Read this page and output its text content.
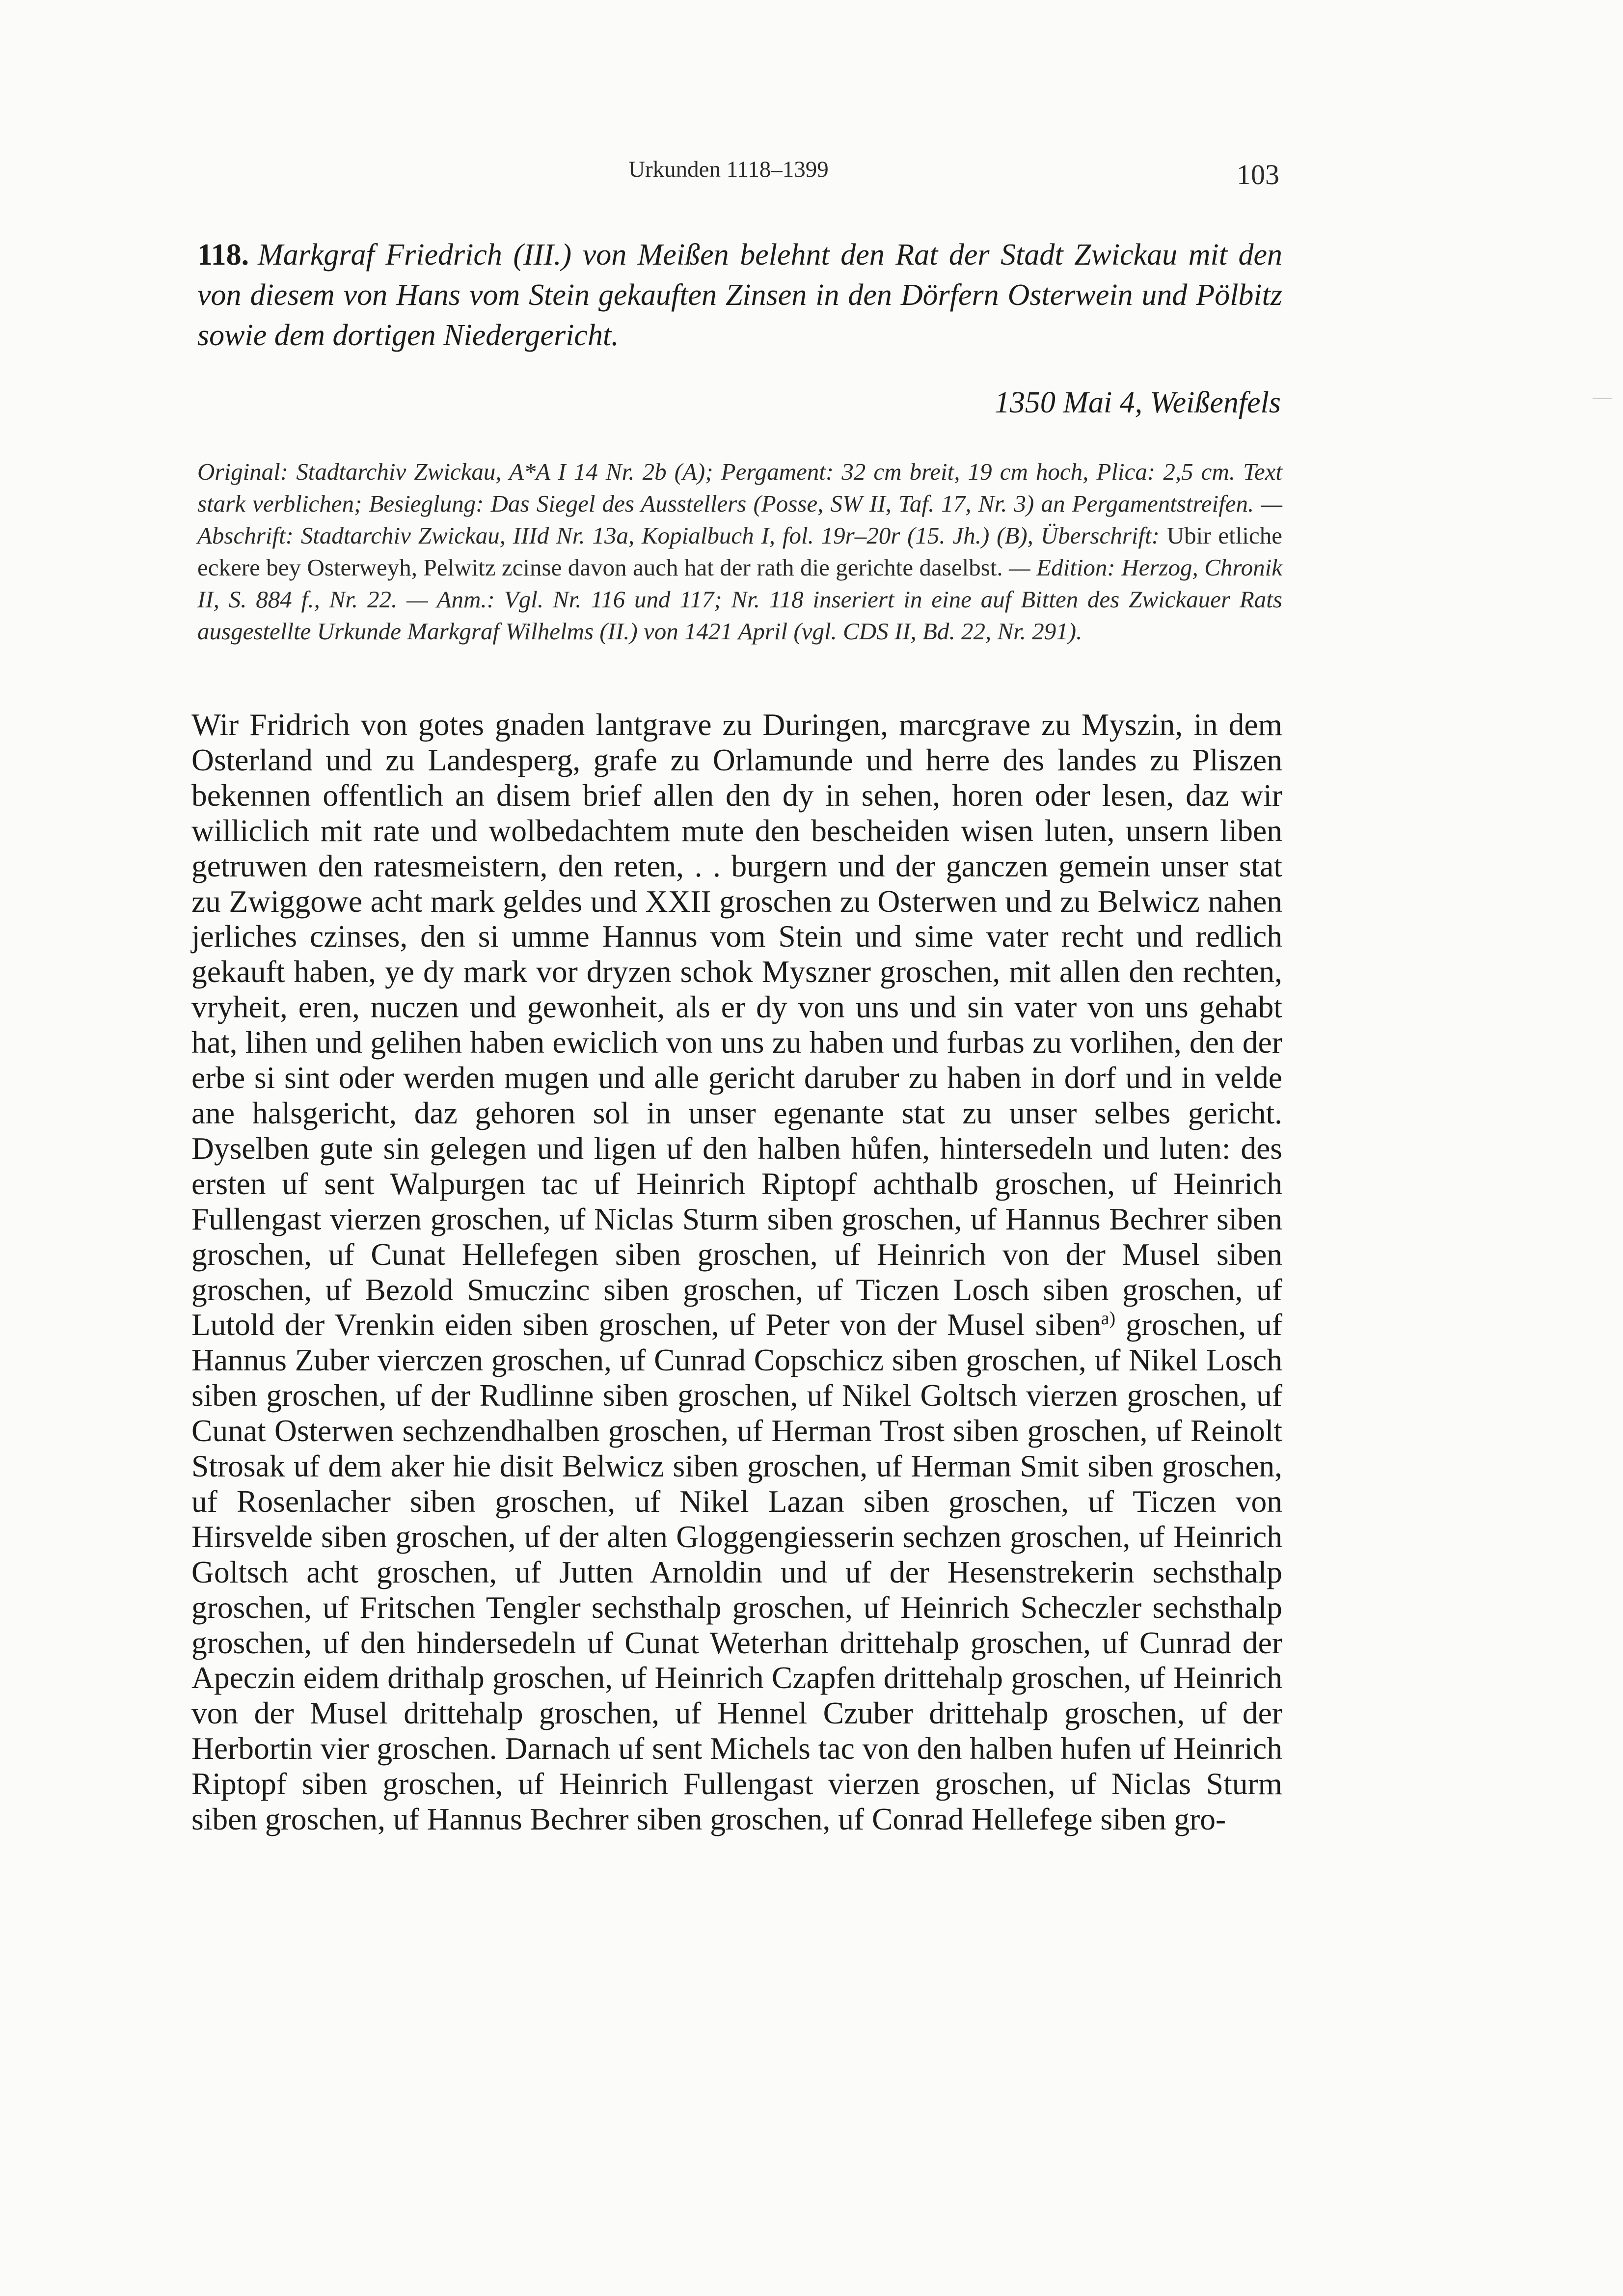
Urkunden 1118–1399	103
118. Markgraf Friedrich (III.) von Meißen belehnt den Rat der Stadt Zwickau mit den von diesem von Hans vom Stein gekauften Zinsen in den Dörfern Osterwein und Pölbitz sowie dem dortigen Niedergericht.
1350 Mai 4, Weißenfels
Original: Stadtarchiv Zwickau, A*A I 14 Nr. 2b (A); Pergament: 32 cm breit, 19 cm hoch, Plica: 2,5 cm. Text stark verblichen; Besieglung: Das Siegel des Ausstellers (Posse, SW II, Taf. 17, Nr. 3) an Pergamentstreifen. — Abschrift: Stadtarchiv Zwickau, IIId Nr. 13a, Kopialbuch I, fol. 19r–20r (15. Jh.) (B), Überschrift: Ubir etliche eckere bey Osterweyh, Pelwitz zcinse davon auch hat der rath die gerichte daselbst. — Edition: Herzog, Chronik II, S. 884 f., Nr. 22. — Anm.: Vgl. Nr. 116 und 117; Nr. 118 inseriert in eine auf Bitten des Zwickauer Rats ausgestellte Urkunde Markgraf Wilhelms (II.) von 1421 April (vgl. CDS II, Bd. 22, Nr. 291).

Wir Fridrich von gotes gnaden lantgrave zu Duringen, marcgrave zu Myszin, in dem Osterland und zu Landesperg, grafe zu Orlamunde und herre des landes zu Pliszen bekennen offentlich an disem brief allen den dy in sehen, horen oder lesen, daz wir williclich mit rate und wolbedachtem mute den bescheiden wisen luten, unsern liben getruwen den ratesmeistern, den reten, . . burgern und der ganczen gemein unser stat zu Zwiggowe acht mark geldes und XXII groschen zu Osterwen und zu Belwicz nahen jerliches czinses, den si umme Hannus vom Stein und sime vater recht und redlich gekauft haben, ye dy mark vor dryzen schok Myszner groschen, mit allen den rechten, vryheit, eren, nuczen und gewonheit, als er dy von uns und sin vater von uns gehabt hat, lihen und gelihen haben ewiclich von uns zu haben und furbas zu vorlihen, den der erbe si sint oder werden mugen und alle gericht daruber zu haben in dorf und in velde ane halsgericht, daz gehoren sol in unser egenante stat zu unser selbes gericht. Dyselben gute sin gelegen und ligen uf den halben hůfen, hintersedeln und luten: des ersten uf sent Walpurgen tac uf Heinrich Riptopf achthalb groschen, uf Heinrich Fullengast vierzen groschen, uf Niclas Sturm siben groschen, uf Hannus Bechrer siben groschen, uf Cunat Hellefegen siben groschen, uf Heinrich von der Musel siben groschen, uf Bezold Smuczinc siben groschen, uf Ticzen Losch siben groschen, uf Lutold der Vrenkin eiden siben groschen, uf Peter von der Musel siben$^{a)}$ groschen, uf Hannus Zuber vierczen groschen, uf Cunrad Copschicz siben groschen, uf Nikel Losch siben groschen, uf der Rudlinne siben groschen, uf Nikel Goltsch vierzen groschen, uf Cunat Osterwen sechzendhalben groschen, uf Herman Trost siben groschen, uf Reinolt Strosak uf dem aker hie disit Belwicz siben groschen, uf Herman Smit siben groschen, uf Rosenlacher siben groschen, uf Nikel Lazan siben groschen, uf Ticzen von Hirsvelde siben groschen, uf der alten Gloggengiesserin sechzen groschen, uf Heinrich Goltsch acht groschen, uf Jutten Arnoldin und uf der Hesenstrekerin sechsthalp groschen, uf Fritschen Tengler sechsthalp groschen, uf Heinrich Scheczler sechsthalp groschen, uf den hindersedeln uf Cunat Weterhan drittehalp groschen, uf Cunrad der Apeczin eidem drithalp groschen, uf Heinrich Czapfen drittehalp groschen, uf Heinrich von der Musel drittehalp groschen, uf Hennel Czuber drittehalp groschen, uf der Herbortin vier groschen. Darnach uf sent Michels tac von den halben hufen uf Heinrich Riptopf siben groschen, uf Heinrich Fullengast vierzen groschen, uf Niclas Sturm siben groschen, uf Hannus Bechrer siben groschen, uf Conrad Hellefege siben gro-
